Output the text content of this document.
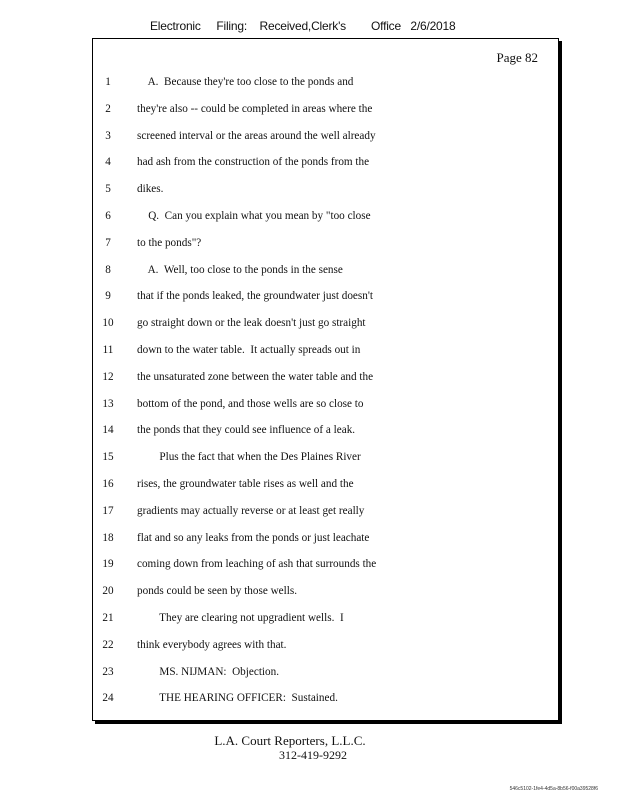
Electronic     Filing:    Received,Clerk's        Office   2/6/2018
Page 82
1	A.  Because they're too close to the ponds and
2	they're also -- could be completed in areas where the
3	screened interval or the areas around the well already
4	had ash from the construction of the ponds from the
5	dikes.
6	Q.  Can you explain what you mean by "too close
7	to the ponds"?
8	A.  Well, too close to the ponds in the sense
9	that if the ponds leaked, the groundwater just doesn't
10	go straight down or the leak doesn't just go straight
11	down to the water table.  It actually spreads out in
12	the unsaturated zone between the water table and the
13	bottom of the pond, and those wells are so close to
14	the ponds that they could see influence of a leak.
15	Plus the fact that when the Des Plaines River
16	rises, the groundwater table rises as well and the
17	gradients may actually reverse or at least get really
18	flat and so any leaks from the ponds or just leachate
19	coming down from leaching of ash that surrounds the
20	ponds could be seen by those wells.
21	They are clearing not upgradient wells.  I
22	think everybody agrees with that.
23	MS. NIJMAN:  Objection.
24	THE HEARING OFFICER:  Sustained.
L.A. Court Reporters, L.L.C.
312-419-9292
546c5102-1fe4-4d5a-8b56-f00a39528f6
